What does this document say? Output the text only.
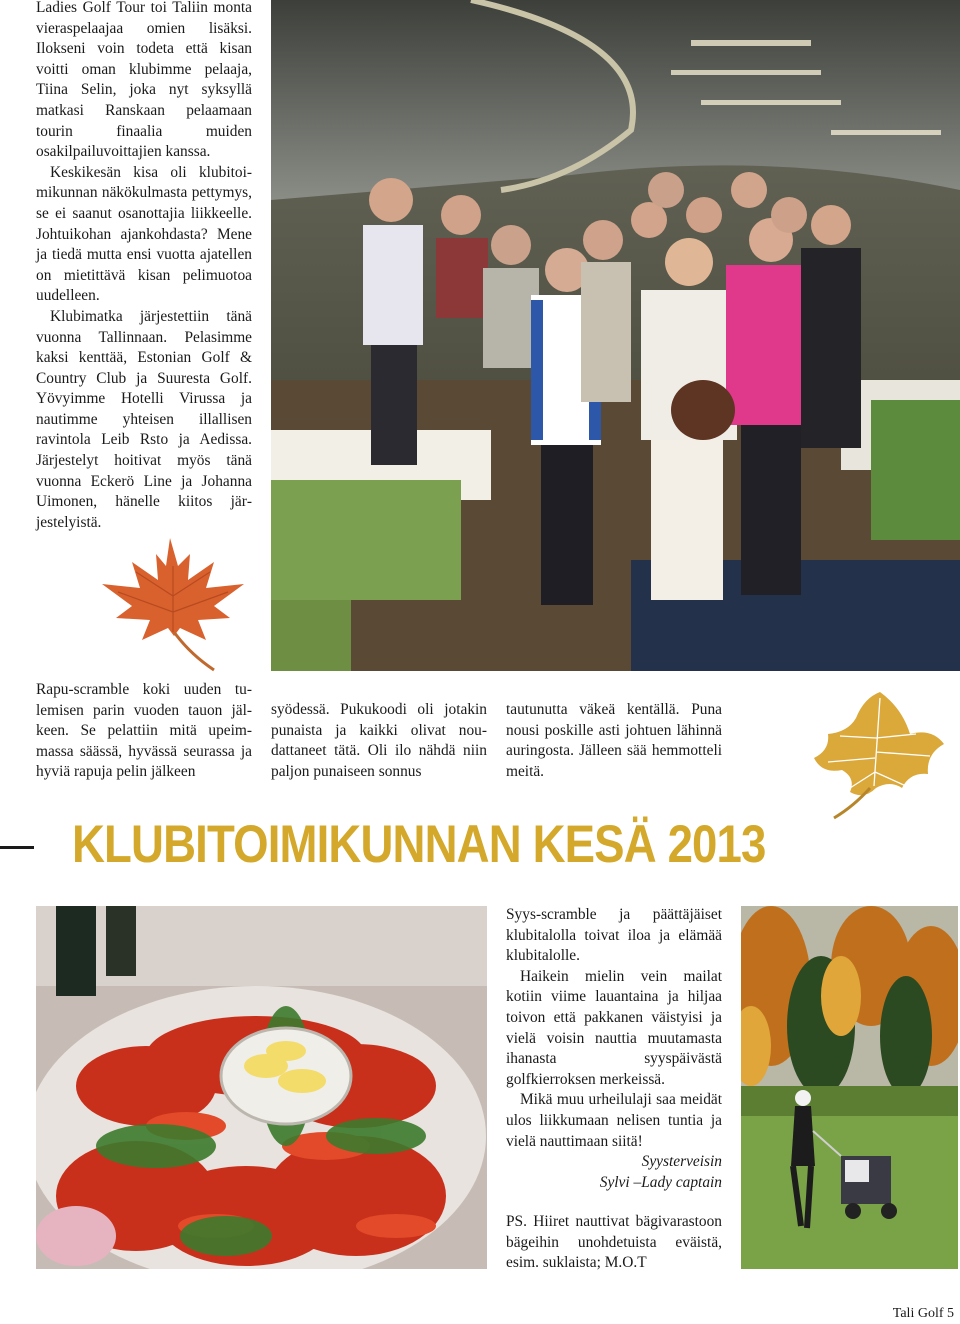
Ladies Golf Tour toi Taliin monta vieraspelaajaa omien lisäksi. Ilokseni voin todeta että kisan voitti oman klubimme pelaaja, Tiina Selin, joka nyt syksyllä matkasi Ranskaan pelaamaan tourin finaalia muiden osakilpailuvoittajien kanssa.

Keskikesän kisa oli klubitoimikunnan näkökulmasta pettymys, se ei saanut osanottajia liikkeelle. Johtuikohan ajankohdasta? Mene ja tiedä mutta ensi vuotta ajatellen on mietittävä kisan pelimuotoa uudelleen.

Klubimatka järjestettiin tänä vuonna Tallinnaan. Pelasimme kaksi kenttää, Estonian Golf & Country Club ja Suuresta Golf. Yövyimme Hotelli Virussa ja nautimme yhteisen illallisen ravintola Leib Rsto ja Aedissa. Järjestelyt hoitivat myös tänä vuonna Eckerö Line ja Johanna Uimonen, hänelle kiitos järjestelyistä.

Rapu-scramble koki uuden tulemisen parin vuoden tauon jälkeen. Se pelattiin mitä upeimmassa säässä, hyvässä seurassa ja hyviä rapuja pelin jälkeen

syödessä. Pukukoodi oli jotakin punaista ja kaikki olivat noudattaneet tätä. Oli ilo nähdä niin paljon punaiseen sonnus

tautunutta väkeä kentällä. Puna nousi poskille asti johtuen lähinnä auringosta. Jälleen sää hemmotteli meitä.

KLUBITOIMIKUNNAN KESÄ 2013

Syys-scramble ja päättäjäiset klubitalolla toivat iloa ja elämää klubitalolle.

Haikein mielin vein mailat kotiin viime lauantaina ja hiljaa toivon että pakkanen väistyisi ja vielä voisin nauttia muutamasta ihanasta syyspäivästä golfkierroksen merkeissä.

Mikä muu urheilulaji saa meidät ulos liikkumaan nelisen tuntia ja vielä nauttimaan siitä!

Syysterveisin

Sylvi –Lady captain

PS. Hiiret nauttivat bägivarastoon bägeihin unohdetuista eväistä, esim. suklaista; M.O.T

Tali Golf 5
